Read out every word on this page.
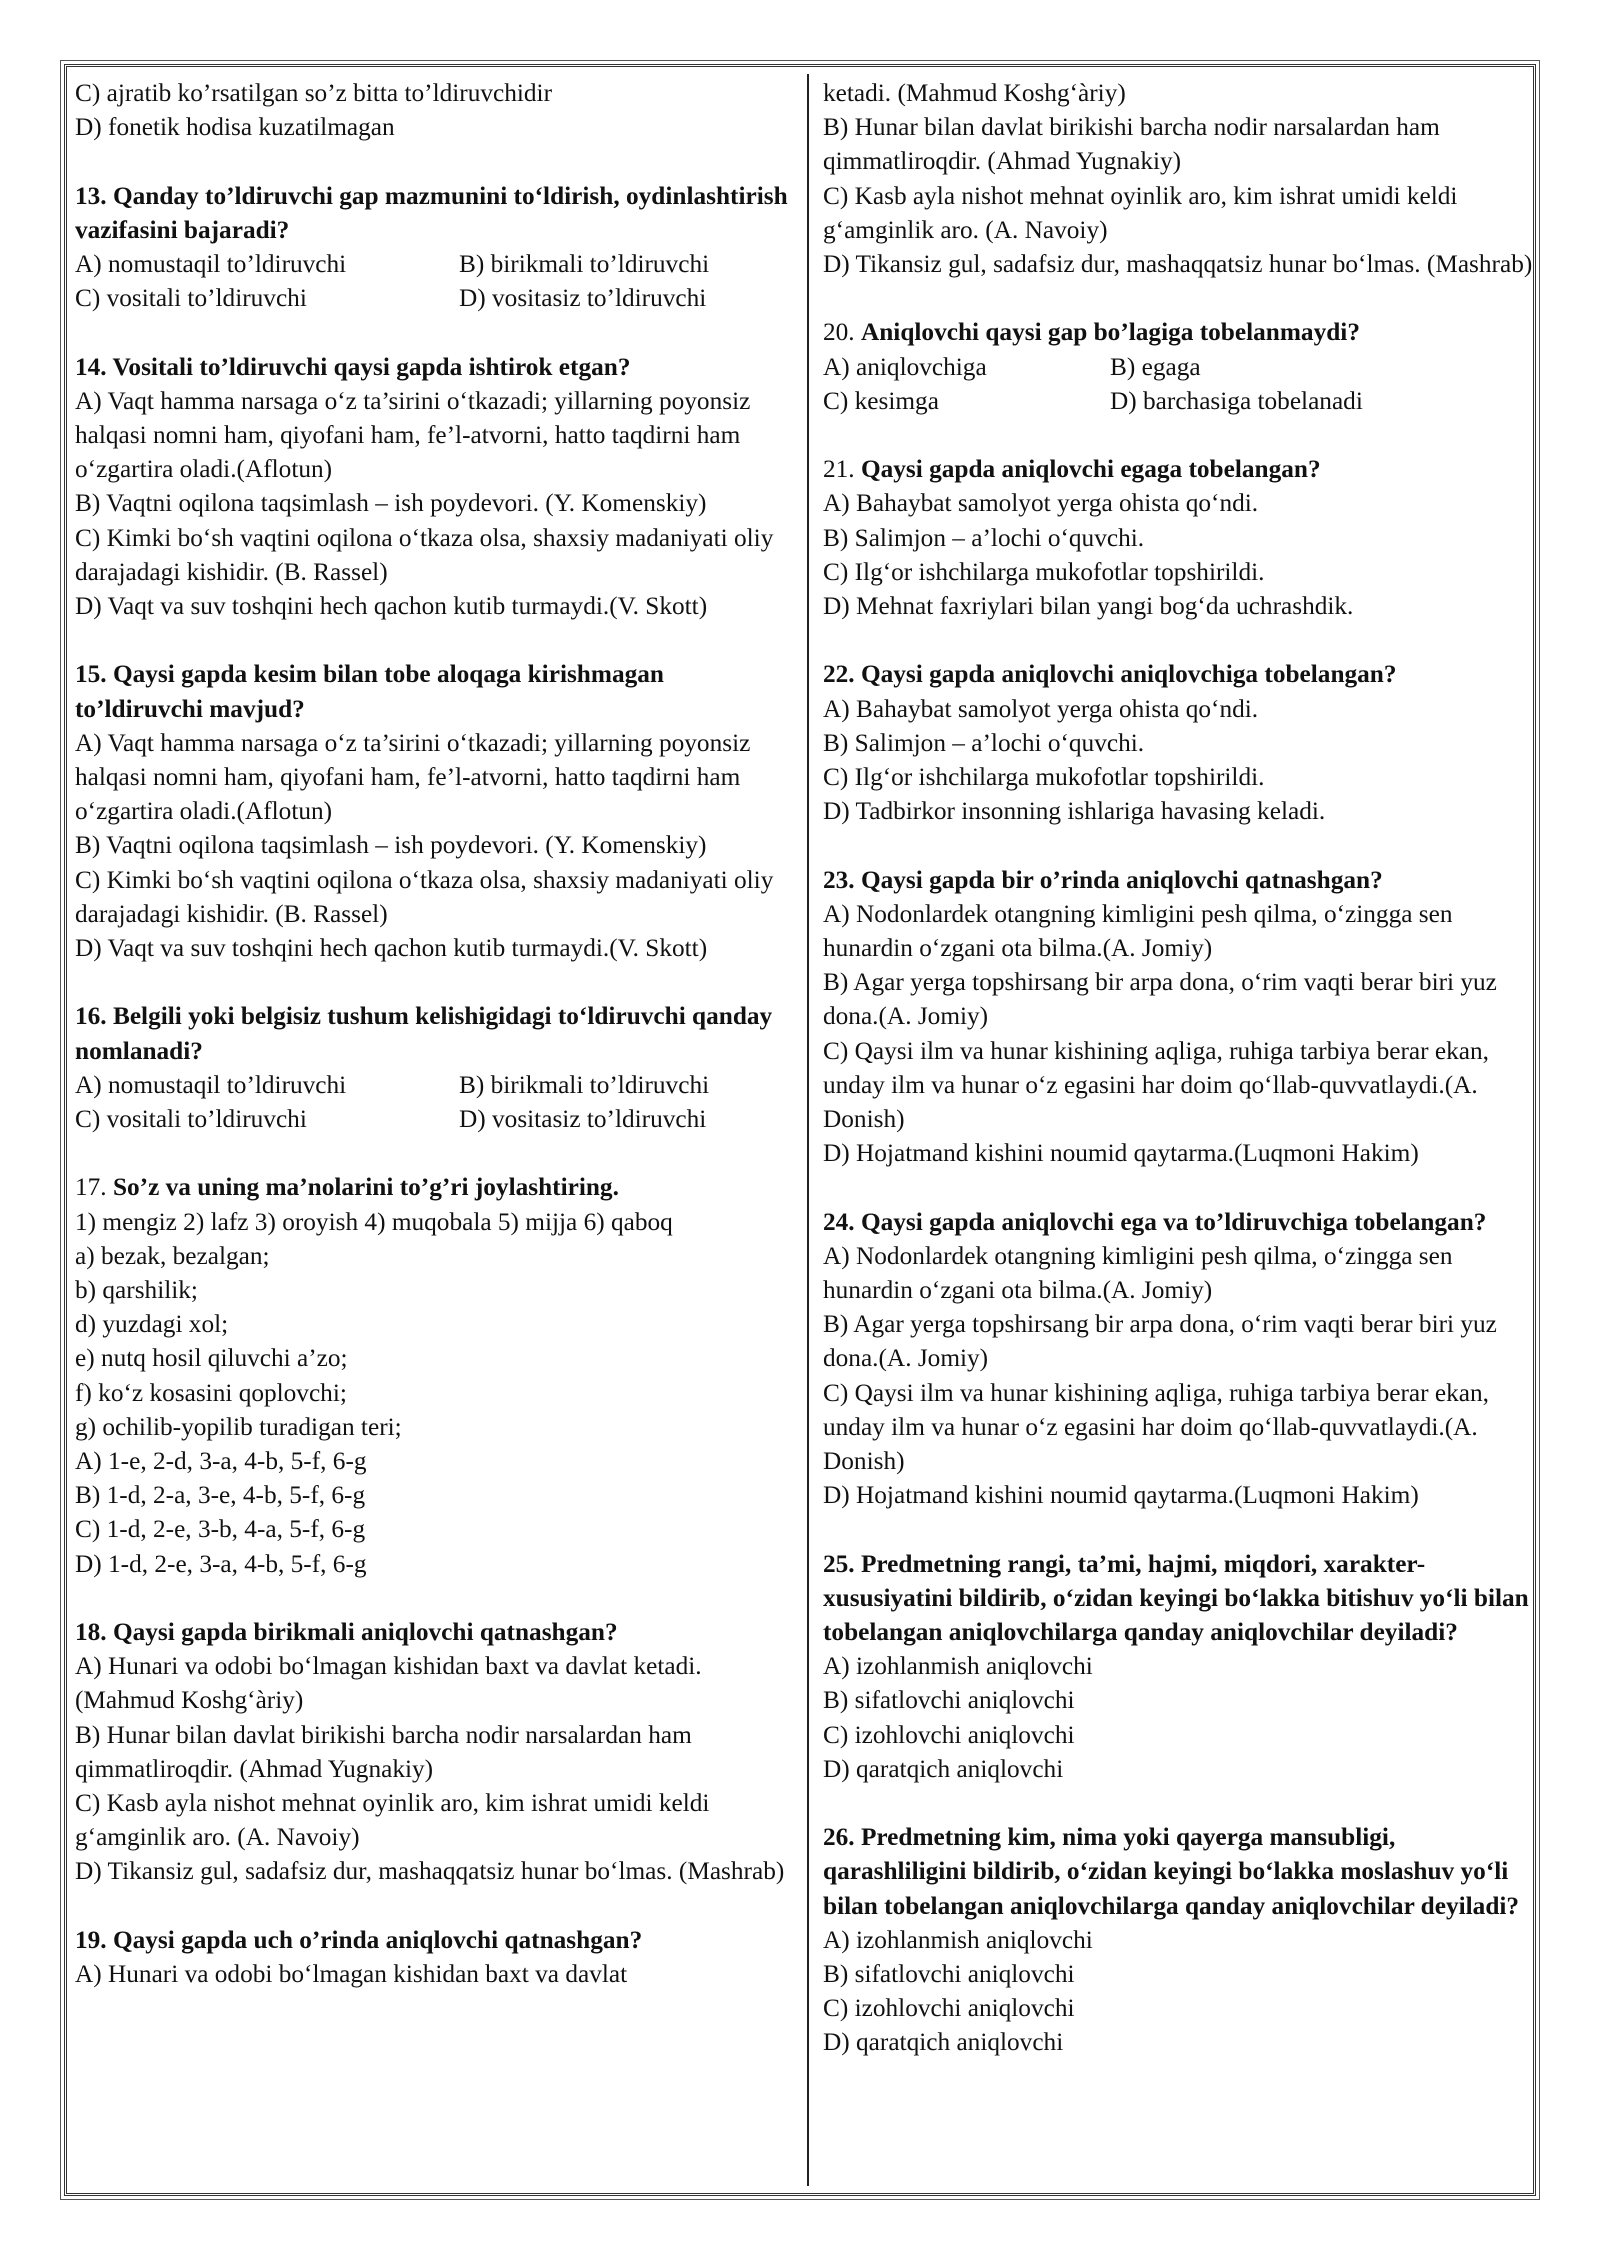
C) ajratib ko’rsatilgan so’z bitta to’ldiruvchidir

D) fonetik hodisa kuzatilmagan

13. Qanday to’ldiruvchi gap mazmunini to‘ldirish, oydinlashtirish vazifasini bajaradi?

A) nomustaqil to’ldiruvchi	B) birikmali to’ldiruvchi
C) vositali to’ldiruvchi	D) vositasiz to’ldiruvchi

14. Vositali to’ldiruvchi qaysi gapda ishtirok etgan?

A) Vaqt hamma narsaga o‘z ta’sirini o‘tkazadi; yillarning poyonsiz halqasi nomni ham, qiyofani ham, fe’l-atvorni, hatto taqdirni ham o‘zgartira oladi.(Aflotun)

B) Vaqtni oqilona taqsimlash – ish poydevori. (Y. Komenskiy)

C) Kimki bo‘sh vaqtini oqilona o‘tkaza olsa, shaxsiy madaniyati oliy darajadagi kishidir. (B. Rassel)

D) Vaqt va suv toshqini hech qachon kutib turmaydi.(V. Skott)

15. Qaysi gapda kesim bilan tobe aloqaga kirishmagan to’ldiruvchi mavjud?

A) Vaqt hamma narsaga o‘z ta’sirini o‘tkazadi; yillarning poyonsiz halqasi nomni ham, qiyofani ham, fe’l-atvorni, hatto taqdirni ham o‘zgartira oladi.(Aflotun)

B) Vaqtni oqilona taqsimlash – ish poydevori. (Y. Komenskiy)

C) Kimki bo‘sh vaqtini oqilona o‘tkaza olsa, shaxsiy madaniyati oliy darajadagi kishidir. (B. Rassel)

D) Vaqt va suv toshqini hech qachon kutib turmaydi.(V. Skott)

16. Belgili yoki belgisiz tushum kelishigidagi to‘ldiruvchi qanday nomlanadi?

A) nomustaqil to’ldiruvchi	B) birikmali to’ldiruvchi
C) vositali to’ldiruvchi	D) vositasiz to’ldiruvchi

17. So’z va uning ma’nolarini to’g’ri joylashtiring.

1) mengiz 2) lafz 3) oroyish 4) muqobala 5) mijja 6) qaboq

a) bezak, bezalgan;

b) qarshilik;

d) yuzdagi xol;

e) nutq hosil qiluvchi a’zo;

f) ko‘z kosasini qoplovchi;

g) ochilib-yopilib turadigan teri;

A) 1-e, 2-d, 3-a, 4-b, 5-f, 6-g

B) 1-d, 2-a, 3-e, 4-b, 5-f, 6-g

C) 1-d, 2-e, 3-b, 4-a, 5-f, 6-g

D) 1-d, 2-e, 3-a, 4-b, 5-f, 6-g

18. Qaysi gapda birikmali aniqlovchi qatnashgan?

A) Hunari va odobi bo‘lmagan kishidan baxt va davlat ketadi. (Mahmud Koshg‘àriy)

B) Hunar bilan davlat birikishi barcha nodir narsalardan ham qimmatliroqdir. (Ahmad Yugnakiy)

C) Kasb ayla nishot mehnat oyinlik aro, kim ishrat umidi keldi g‘amginlik aro. (A. Navoiy)

D) Tikansiz gul, sadafsiz dur, mashaqqatsiz hunar bo‘lmas. (Mashrab)

19. Qaysi gapda uch o’rinda aniqlovchi qatnashgan?

A) Hunari va odobi bo‘lmagan kishidan baxt va davlat

ketadi. (Mahmud Koshg‘àriy)

B) Hunar bilan davlat birikishi barcha nodir narsalardan ham qimmatliroqdir. (Ahmad Yugnakiy)

C) Kasb ayla nishot mehnat oyinlik aro, kim ishrat umidi keldi g‘amginlik aro. (A. Navoiy)

D) Tikansiz gul, sadafsiz dur, mashaqqatsiz hunar bo‘lmas. (Mashrab)

20. Aniqlovchi qaysi gap bo’lagiga tobelanmaydi?

A) aniqlovchiga	B) egaga
C) kesimga	D) barchasiga tobelanadi

21. Qaysi gapda aniqlovchi egaga tobelangan?

A) Bahaybat samolyot yerga ohista qo‘ndi.

B) Salimjon – a’lochi o‘quvchi.

C) Ilg‘or ishchilarga mukofotlar topshirildi.

D) Mehnat faxriylari bilan yangi bog‘da uchrashdik.

22. Qaysi gapda aniqlovchi aniqlovchiga tobelangan?

A) Bahaybat samolyot yerga ohista qo‘ndi.

B) Salimjon – a’lochi o‘quvchi.

C) Ilg‘or ishchilarga mukofotlar topshirildi.

D) Tadbirkor insonning ishlariga havasing keladi.

23. Qaysi gapda bir o’rinda aniqlovchi qatnashgan?

A) Nodonlardek otangning kimligini pesh qilma, o‘zingga sen hunardin o‘zgani ota bilma.(A. Jomiy)

B) Agar yerga topshirsang bir arpa dona, o‘rim vaqti berar biri yuz dona.(A. Jomiy)

C) Qaysi ilm va hunar kishining aqliga, ruhiga tarbiya berar ekan, unday ilm va hunar o‘z egasini har doim qo‘llab-quvvatlaydi.(A. Donish)

D) Hojatmand kishini noumid qaytarma.(Luqmoni Hakim)

24. Qaysi gapda aniqlovchi ega va to’ldiruvchiga tobelangan?

A) Nodonlardek otangning kimligini pesh qilma, o‘zingga sen hunardin o‘zgani ota bilma.(A. Jomiy)

B) Agar yerga topshirsang bir arpa dona, o‘rim vaqti berar biri yuz dona.(A. Jomiy)

C) Qaysi ilm va hunar kishining aqliga, ruhiga tarbiya berar ekan, unday ilm va hunar o‘z egasini har doim qo‘llab-quvvatlaydi.(A. Donish)

D) Hojatmand kishini noumid qaytarma.(Luqmoni Hakim)

25. Predmetning rangi, ta’mi, hajmi, miqdori, xarakter-xususiyatini bildirib, o‘zidan keyingi bo‘lakka bitishuv yo‘li bilan tobelangan aniqlovchilarga qanday aniqlovchilar deyiladi?

A) izohlanmish aniqlovchi

B) sifatlovchi aniqlovchi

C) izohlovchi aniqlovchi

D) qaratqich aniqlovchi

26. Predmetning kim, nima yoki qayerga mansubligi, qarashliligini bildirib, o‘zidan keyingi bo‘lakka moslashuv yo‘li bilan tobelangan aniqlovchilarga qanday aniqlovchilar deyiladi?

A) izohlanmish aniqlovchi

B) sifatlovchi aniqlovchi

C) izohlovchi aniqlovchi

D) qaratqich aniqlovchi
